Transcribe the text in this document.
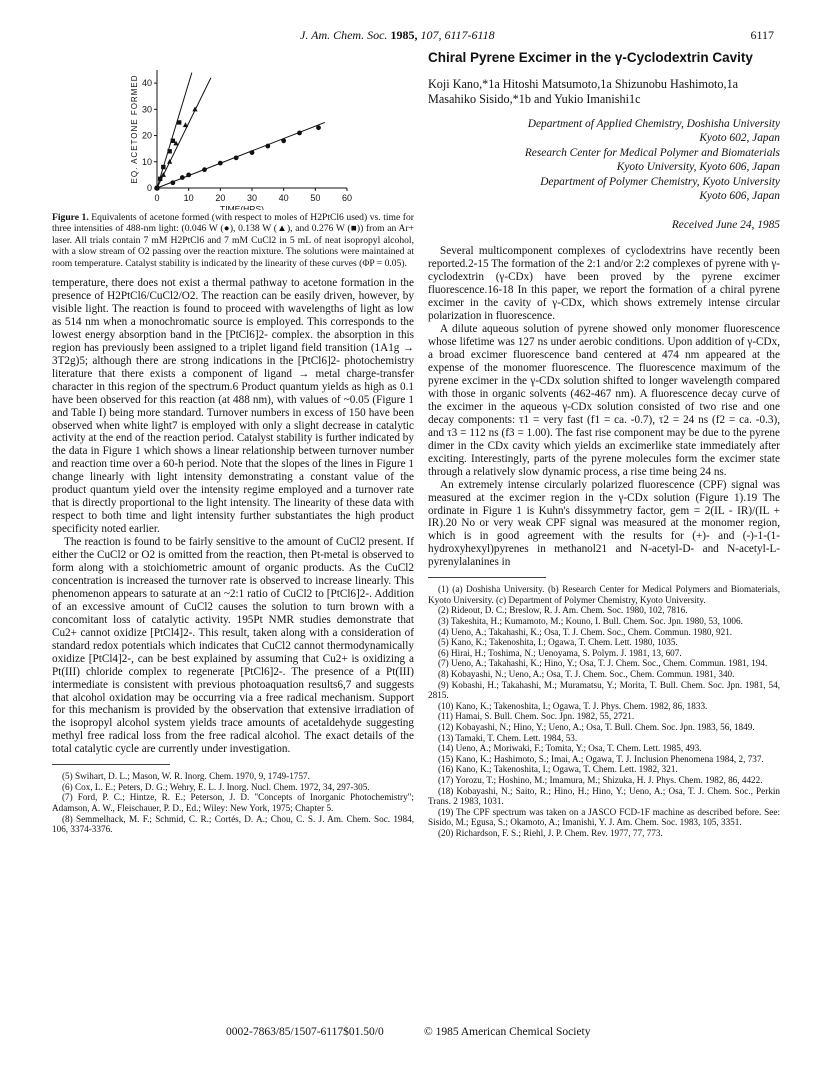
J. Am. Chem. Soc. 1985, 107, 6117-6118	6117
0	10 20 30 40 50 60
0
10
20
30
40
TIME(HRS)
EQ. ACETONE FORMED
Figure 1. Equivalents of acetone formed (with respect to moles of H2PtCl6 used) vs. time for three intensities of 488-nm light: (0.046 W (●), 0.138 W (▲), and 0.276 W (■)) from an Ar+ laser. All trials contain 7 mM H2PtCl6 and 7 mM CuCl2 in 5 mL of neat isopropyl alcohol, with a slow stream of O2 passing over the reaction mixture. The solutions were maintained at room temperature. Catalyst stability is indicated by the linearity of these curves (ΦP = 0.05).

temperature, there does not exist a thermal pathway to acetone formation in the presence of H2PtCl6/CuCl2/O2. The reaction can be easily driven, however, by visible light. The reaction is found to proceed with wavelengths of light as low as 514 nm when a monochromatic source is employed. This corresponds to the lowest energy absorption band in the [PtCl6]2- complex. the absorption in this region has previously been assigned to a triplet ligand field transition (1A1g → 3T2g)5; although there are strong indications in the [PtCl6]2- photochemistry literature that there exists a component of ligand → metal charge-transfer character in this region of the spectrum.6 Product quantum yields as high as 0.1 have been observed for this reaction (at 488 nm), with values of ~0.05 (Figure 1 and Table I) being more standard. Turnover numbers in excess of 150 have been observed when white light7 is employed with only a slight decrease in catalytic activity at the end of the reaction period. Catalyst stability is further indicated by the data in Figure 1 which shows a linear relationship between turnover number and reaction time over a 60-h period. Note that the slopes of the lines in Figure 1 change linearly with light intensity demonstrating a constant value of the product quantum yield over the intensity regime employed and a turnover rate that is directly proportional to the light intensity. The linearity of these data with respect to both time and light intensity further substantiates the high product specificity noted earlier.

The reaction is found to be fairly sensitive to the amount of CuCl2 present. If either the CuCl2 or O2 is omitted from the reaction, then Pt-metal is observed to form along with a stoichiometric amount of organic products. As the CuCl2 concentration is increased the turnover rate is observed to increase linearly. This phenomenon appears to saturate at an ~2:1 ratio of CuCl2 to [PtCl6]2-. Addition of an excessive amount of CuCl2 causes the solution to turn brown with a concomitant loss of catalytic activity. 195Pt NMR studies demonstrate that Cu2+ cannot oxidize [PtCl4]2-. This result, taken along with a consideration of standard redox potentials which indicates that CuCl2 cannot thermodynamically oxidize [PtCl4]2-, can be best explained by assuming that Cu2+ is oxidizing a Pt(III) chloride complex to regenerate [PtCl6]2-. The presence of a Pt(III) intermediate is consistent with previous photoaquation results6,7 and suggests that alcohol oxidation may be occurring via a free radical mechanism. Support for this mechanism is provided by the observation that extensive irradiation of the isopropyl alcohol system yields trace amounts of acetaldehyde suggesting methyl free radical loss from the free radical alcohol. The exact details of the total catalytic cycle are currently under investigation.

(5) Swihart, D. L.; Mason, W. R. Inorg. Chem. 1970, 9, 1749-1757.

(6) Cox, L. E.; Peters, D. G.; Wehry, E. L. J. Inorg. Nucl. Chem. 1972, 34, 297-305.

(7) Ford, P. C.; Hintze, R. E.; Peterson, J. D. "Concepts of Inorganic Photochemistry"; Adamson, A. W., Fleischauer, P. D., Ed.; Wiley: New York, 1975; Chapter 5.

(8) Semmelhack, M. F.; Schmid, C. R.; Cortés, D. A.; Chou, C. S. J. Am. Chem. Soc. 1984, 106, 3374-3376.

Chiral Pyrene Excimer in the γ-Cyclodextrin Cavity
Koji Kano,*1a Hitoshi Matsumoto,1a Shizunobu Hashimoto,1a Masahiko Sisido,*1b and Yukio Imanishi1c
Department of Applied Chemistry, Doshisha University
Kyoto 602, Japan
Research Center for Medical Polymer and Biomaterials
Kyoto University, Kyoto 606, Japan
Department of Polymer Chemistry, Kyoto University
Kyoto 606, Japan
Received June 24, 1985

Several multicomponent complexes of cyclodextrins have recently been reported.2-15 The formation of the 2:1 and/or 2:2 complexes of pyrene with γ-cyclodextrin (γ-CDx) have been proved by the pyrene excimer fluorescence.16-18 In this paper, we report the formation of a chiral pyrene excimer in the cavity of γ-CDx, which shows extremely intense circular polarization in fluorescence.

A dilute aqueous solution of pyrene showed only monomer fluorescence whose lifetime was 127 ns under aerobic conditions. Upon addition of γ-CDx, a broad excimer fluorescence band centered at 474 nm appeared at the expense of the monomer fluorescence. The fluorescence maximum of the pyrene excimer in the γ-CDx solution shifted to longer wavelength compared with those in organic solvents (462-467 nm). A fluorescence decay curve of the excimer in the aqueous γ-CDx solution consisted of two rise and one decay components: τ1 = very fast (f1 = ca. -0.7), τ2 = 24 ns (f2 = ca. -0.3), and τ3 = 112 ns (f3 = 1.00). The fast rise component may be due to the pyrene dimer in the CDx cavity which yields an excimerlike state immediately after exciting. Interestingly, parts of the pyrene molecules form the excimer state through a relatively slow dynamic process, a rise time being 24 ns.

An extremely intense circularly polarized fluorescence (CPF) signal was measured at the excimer region in the γ-CDx solution (Figure 1).19 The ordinate in Figure 1 is Kuhn's dissymmetry factor, gem = 2(IL - IR)/(IL + IR).20 No or very weak CPF signal was measured at the monomer region, which is in good agreement with the results for (+)- and (-)-1-(1-hydroxyhexyl)pyrenes in methanol21 and N-acetyl-D- and N-acetyl-L-pyrenylalanines in

(1) (a) Doshisha University. (b) Research Center for Medical Polymers and Biomaterials, Kyoto University. (c) Department of Polymer Chemistry, Kyoto University.

(2) Rideout, D. C.; Breslow, R. J. Am. Chem. Soc. 1980, 102, 7816.

(3) Takeshita, H.; Kumamoto, M.; Kouno, I. Bull. Chem. Soc. Jpn. 1980, 53, 1006.

(4) Ueno, A.; Takahashi, K.; Osa, T. J. Chem. Soc., Chem. Commun. 1980, 921.

(5) Kano, K.; Takenoshita, I.; Ogawa, T. Chem. Lett. 1980, 1035.

(6) Hirai, H.; Toshima, N.; Uenoyama, S. Polym. J. 1981, 13, 607.

(7) Ueno, A.; Takahashi, K.; Hino, Y.; Osa, T. J. Chem. Soc., Chem. Commun. 1981, 194.

(8) Kobayashi, N.; Ueno, A.; Osa, T. J. Chem. Soc., Chem. Commun. 1981, 340.

(9) Kobashi, H.; Takahashi, M.; Muramatsu, Y.; Morita, T. Bull. Chem. Soc. Jpn. 1981, 54, 2815.

(10) Kano, K.; Takenoshita, I.; Ogawa, T. J. Phys. Chem. 1982, 86, 1833.

(11) Hamai, S. Bull. Chem. Soc. Jpn. 1982, 55, 2721.

(12) Kobayashi, N.; Hino, Y.; Ueno, A.; Osa, T. Bull. Chem. Soc. Jpn. 1983, 56, 1849.

(13) Tamaki, T. Chem. Lett. 1984, 53.

(14) Ueno, A.; Moriwaki, F.; Tomita, Y.; Osa, T. Chem. Lett. 1985, 493.

(15) Kano, K.; Hashimoto, S.; Imai, A.; Ogawa, T. J. Inclusion Phenomena 1984, 2, 737.

(16) Kano, K.; Takenoshita, I.; Ogawa, T. Chem. Lett. 1982, 321.

(17) Yorozu, T.; Hoshino, M.; Imamura, M.; Shizuka, H. J. Phys. Chem. 1982, 86, 4422.

(18) Kobayashi, N.; Saito, R.; Hino, H.; Hino, Y.; Ueno, A.; Osa, T. J. Chem. Soc., Perkin Trans. 2 1983, 1031.

(19) The CPF spectrum was taken on a JASCO FCD-1F machine as described before. See: Sisido, M.; Egusa, S.; Okamoto, A.; Imanishi, Y. J. Am. Chem. Soc. 1983, 105, 3351.

(20) Richardson, F. S.; Riehl, J. P. Chem. Rev. 1977, 77, 773.

0002-7863/85/1507-6117$01.50/0	© 1985 American Chemical Society
